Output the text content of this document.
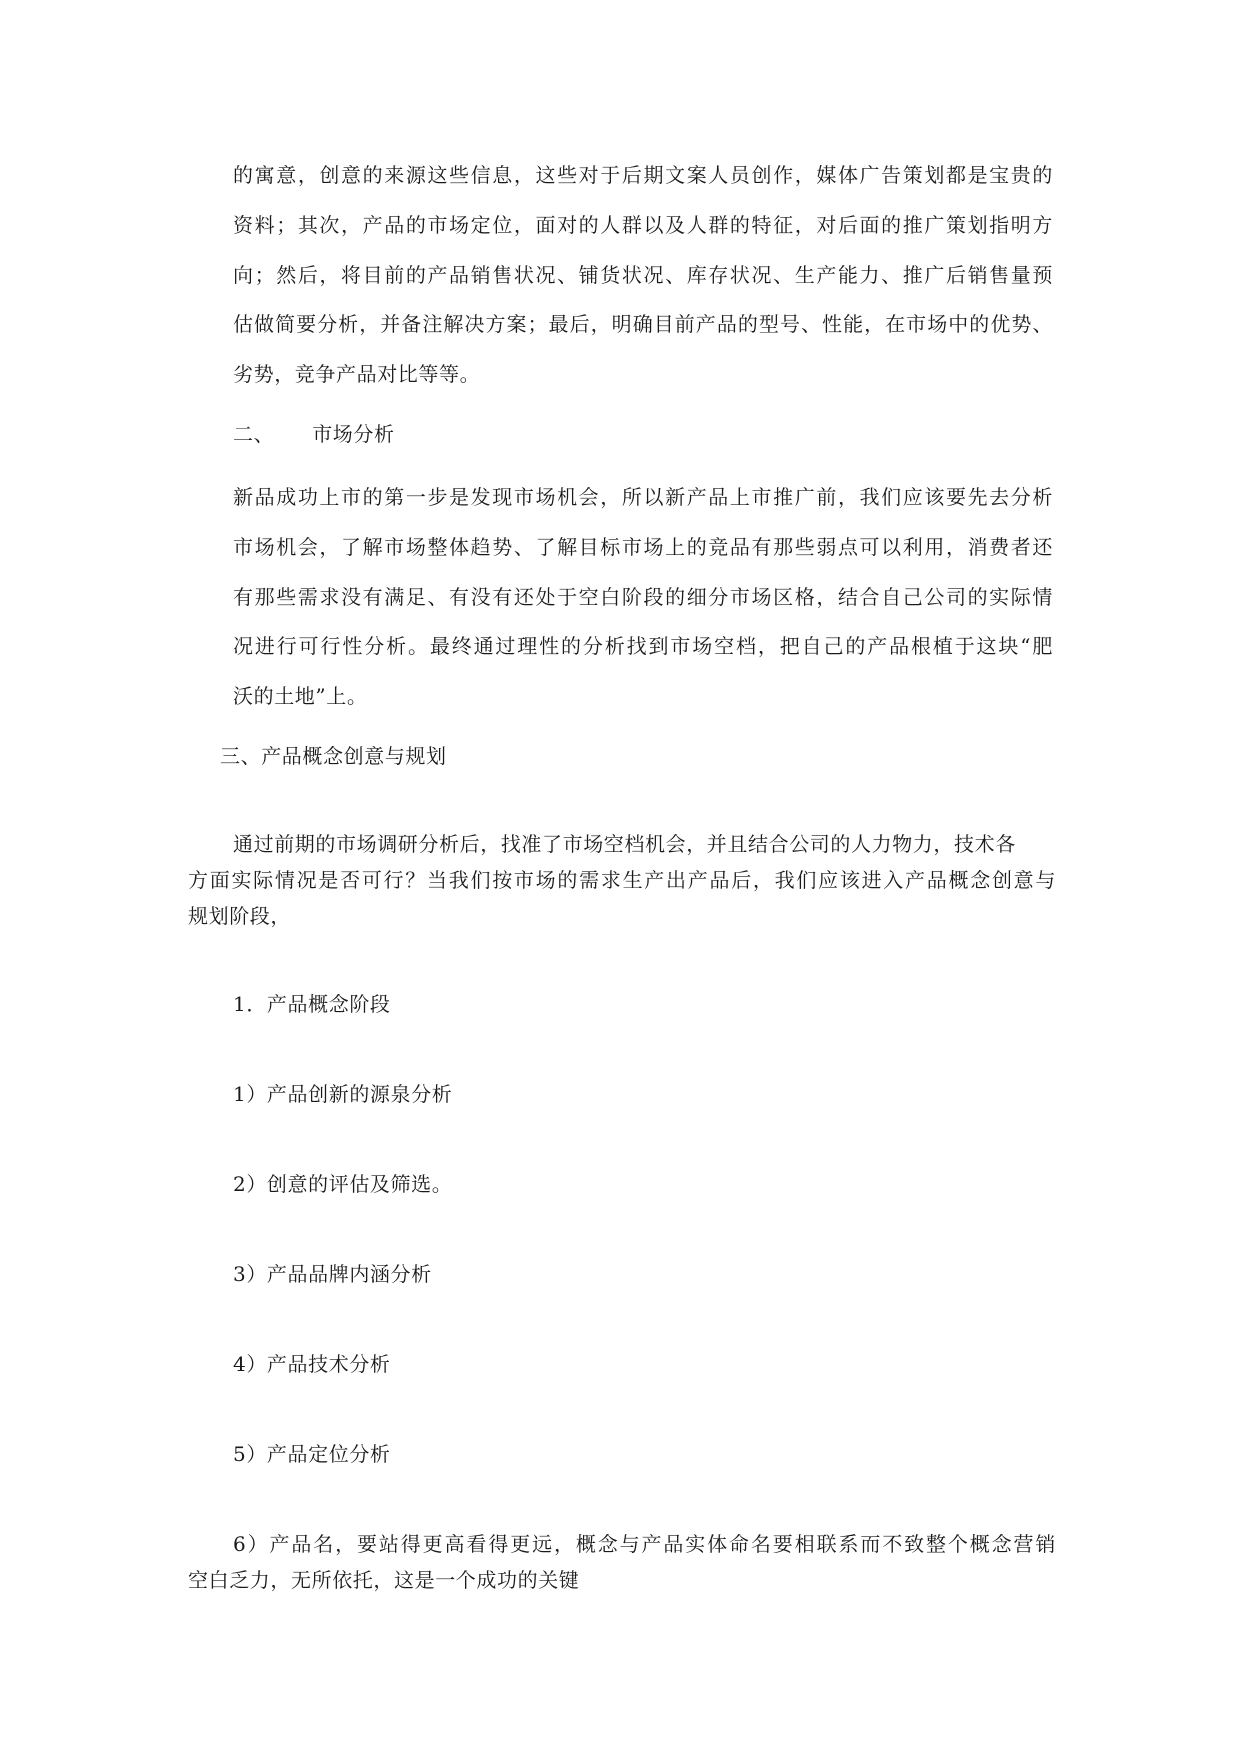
的寓意，创意的来源这些信息，这些对于后期文案人员创作，媒体广告策划都是宝贵的

资料；其次，产品的市场定位，面对的人群以及人群的特征，对后面的推广策划指明方

向；然后，将目前的产品销售状况、铺货状况、库存状况、生产能力、推广后销售量预

估做简要分析，并备注解决方案；最后，明确目前产品的型号、性能，在市场中的优势、

劣势，竞争产品对比等等。

二、 市场分析

新品成功上市的第一步是发现市场机会，所以新产品上市推广前，我们应该要先去分析

市场机会，了解市场整体趋势、了解目标市场上的竞品有那些弱点可以利用，消费者还

有那些需求没有满足、有没有还处于空白阶段的细分市场区格，结合自己公司的实际情

况进行可行性分析。最终通过理性的分析找到市场空档，把自己的产品根植于这块“肥

沃的土地”上。

三、产品概念创意与规划

通过前期的市场调研分析后，找准了市场空档机会，并且结合公司的人力物力，技术各

方面实际情况是否可行？当我们按市场的需求生产出产品后，我们应该进入产品概念创意与

规划阶段，

1．产品概念阶段

1）产品创新的源泉分析

2）创意的评估及筛选。

3）产品品牌内涵分析

4）产品技术分析

5）产品定位分析

6）产品名，要站得更高看得更远，概念与产品实体命名要相联系而不致整个概念营销

空白乏力，无所依托，这是一个成功的关键
